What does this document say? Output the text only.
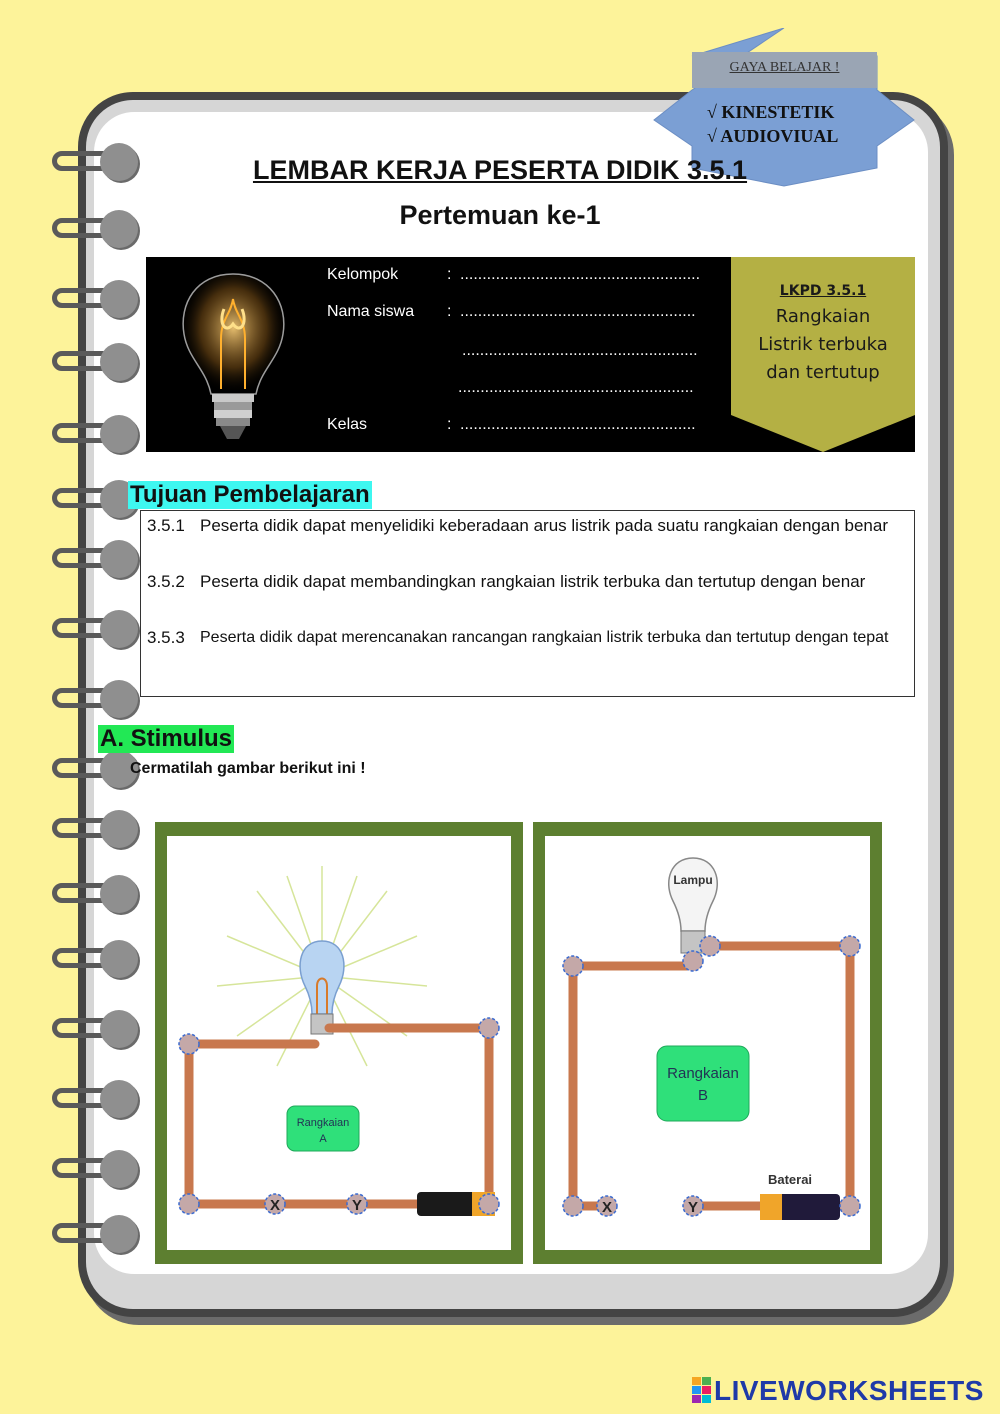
GAYA BELAJAR !
√ KINESTETIK
√ AUDIOVIUAL
LEMBAR KERJA PESERTA DIDIK 3.5.1
Pertemuan ke-1
Kelompok	: ......................................................
Nama siswa : .....................................................
.....................................................
.....................................................
Kelas	: .....................................................
LKPD 3.5.1
Rangkaian
Listrik terbuka
dan tertutup
Tujuan Pembelajaran
3.5.1 Peserta didik dapat menyelidiki keberadaan arus listrik pada suatu rangkaian dengan benar
3.5.2 Peserta didik dapat membandingkan rangkaian listrik terbuka dan tertutup dengan benar
3.5.3 Peserta didik dapat merencanakan rancangan rangkaian listrik terbuka dan tertutup dengan tepat
A. Stimulus
Cermatilah gambar berikut ini !
X	Y
Rangkaian
A
Lampu
Baterai
X	Y
Rangkaian
B
LIVEWORKSHEETS
